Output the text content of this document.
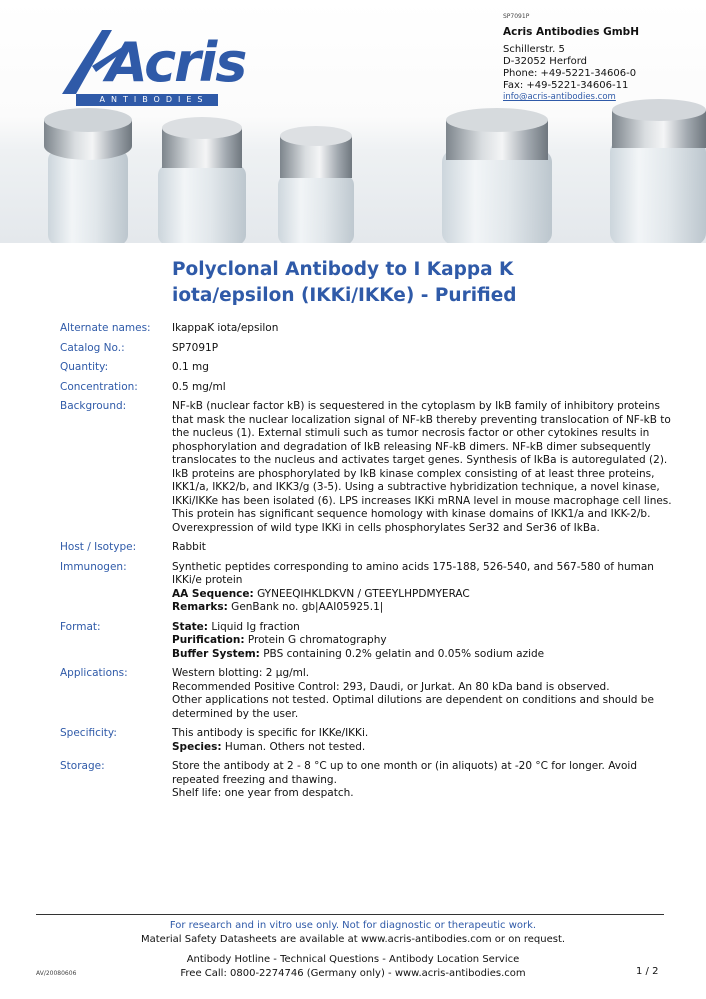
Acris
ANTIBODIES
SP7091P
Acris Antibodies GmbH
Schillerstr. 5
D-32052 Herford
Phone: +49-5221-34606-0
Fax: +49-5221-34606-11
info@acris-antibodies.com
Polyclonal Antibody to I Kappa K
iota/epsilon (IKKi/IKKe) - Purified
Alternate names:	IkappaK iota/epsilon
Catalog No.:	SP7091P
Quantity:	0.1 mg
Concentration:	0.5 mg/ml
Background:	NF-kB (nuclear factor kB) is sequestered in the cytoplasm by IkB family of inhibitory proteins that mask the nuclear localization signal of NF-kB thereby preventing translocation of NF-kB to the nucleus (1). External stimuli such as tumor necrosis factor or other cytokines results in phosphorylation and degradation of IkB releasing NF-kB dimers. NF-kB dimer subsequently translocates to the nucleus and activates target genes. Synthesis of IkBa is autoregulated (2). IkB proteins are phosphorylated by IkB kinase complex consisting of at least three proteins, IKK1/a, IKK2/b, and IKK3/g (3-5). Using a subtractive hybridization technique, a novel kinase, IKKi/IKKe has been isolated (6). LPS increases IKKi mRNA level in mouse macrophage cell lines. This protein has significant sequence homology with kinase domains of IKK1/a and IKK-2/b. Overexpression of wild type IKKi in cells phosphorylates Ser32 and Ser36 of IkBa.
Host / Isotype:	Rabbit
Immunogen:	Synthetic peptides corresponding to amino acids 175-188, 526-540, and 567-580 of human IKKi/e protein

AA Sequence: GYNEEQIHKLDKVN / GTEEYLHPDMYERAC

Remarks: GenBank no. gb|AAI05925.1|

Format:	State: Liquid Ig fraction

Purification: Protein G chromatography

Buffer System: PBS containing 0.2% gelatin and 0.05% sodium azide

Applications:	Western blotting: 2 µg/ml.

Recommended Positive Control: 293, Daudi, or Jurkat. An 80 kDa band is observed.

Other applications not tested. Optimal dilutions are dependent on conditions and should be determined by the user.

Specificity:	This antibody is specific for IKKe/IKKi.

Species: Human. Others not tested.

Storage:	Store the antibody at 2 - 8 °C up to one month or (in aliquots) at -20 °C for longer. Avoid repeated freezing and thawing.

Shelf life: one year from despatch.

For research and in vitro use only. Not for diagnostic or therapeutic work.
Material Safety Datasheets are available at www.acris-antibodies.com or on request.
Antibody Hotline - Technical Questions - Antibody Location Service
Free Call: 0800-2274746 (Germany only) - www.acris-antibodies.com
AV/20080606	1 / 2
